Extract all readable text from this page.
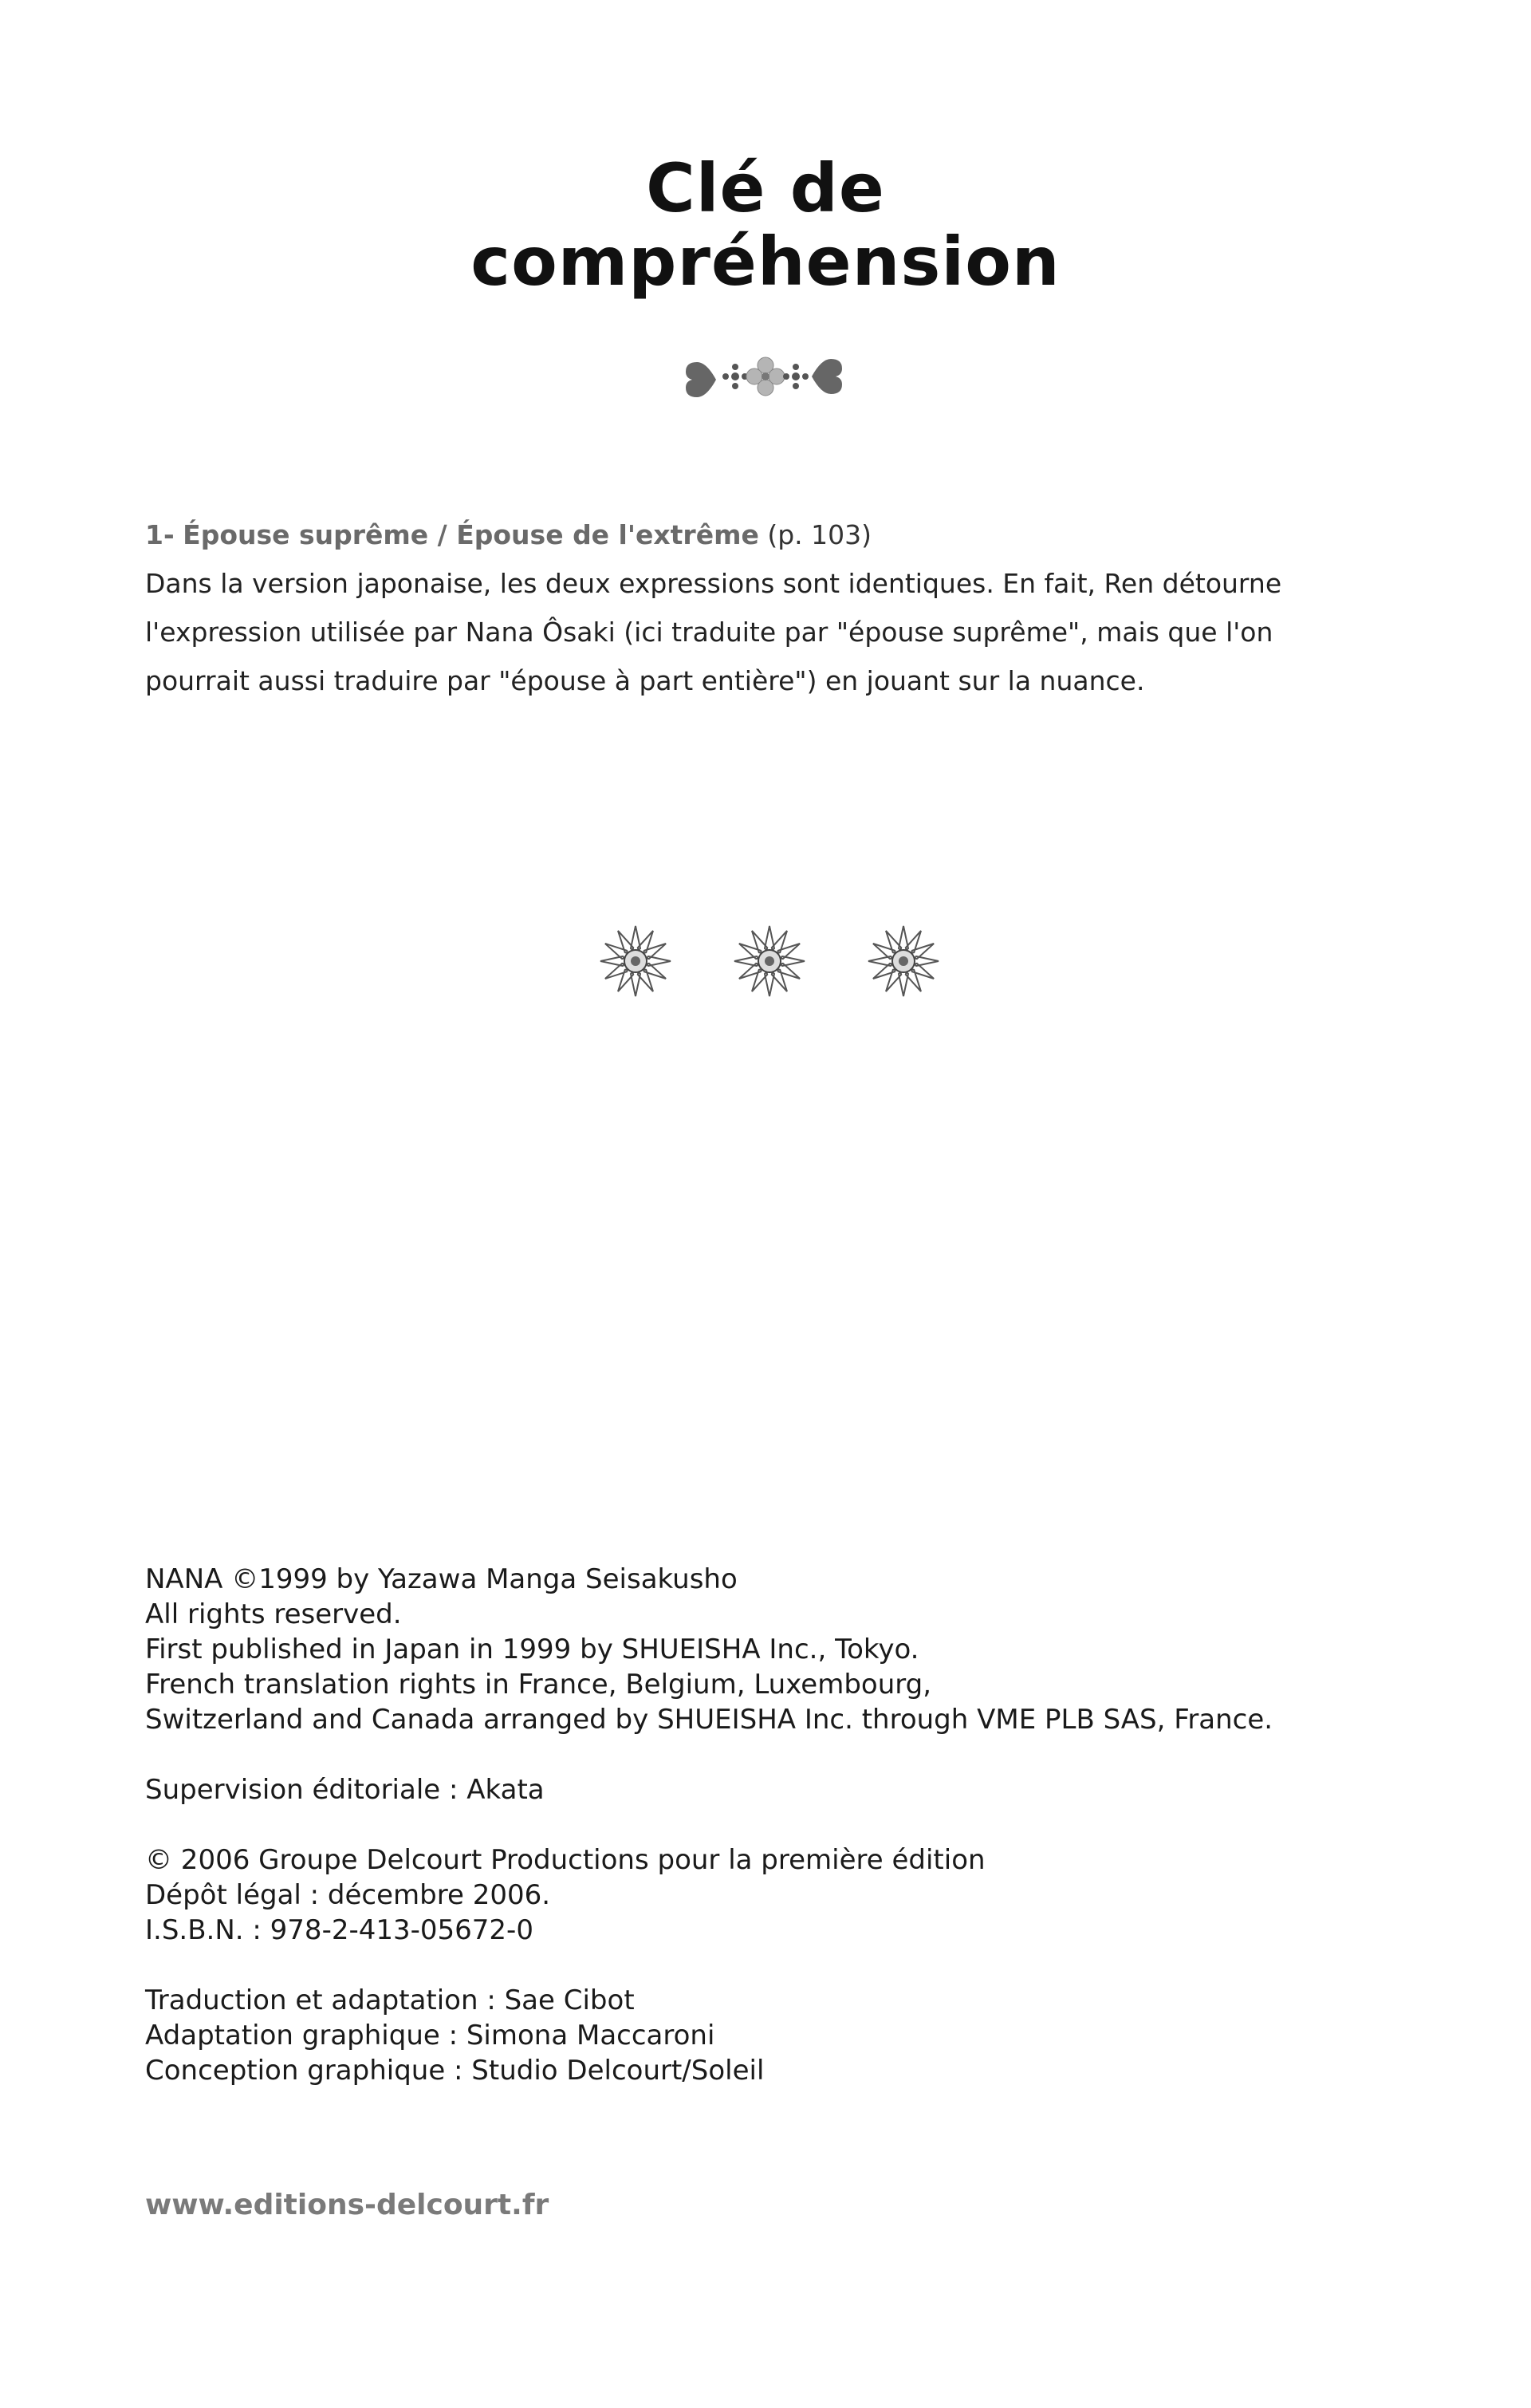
Clé de
compréhension
1- Épouse suprême / Épouse de l'extrême (p. 103)
Dans la version japonaise, les deux expressions sont identiques. En fait, Ren détourne
l'expression utilisée par Nana Ôsaki (ici traduite par "épouse suprême", mais que l'on
pourrait aussi traduire par "épouse à part entière") en jouant sur la nuance.
NANA ©1999 by Yazawa Manga Seisakusho
All rights reserved.
First published in Japan in 1999 by SHUEISHA Inc., Tokyo.
French translation rights in France, Belgium, Luxembourg,
Switzerland and Canada arranged by SHUEISHA Inc. through VME PLB SAS, France.
Supervision éditoriale : Akata
© 2006 Groupe Delcourt Productions pour la première édition
Dépôt légal : décembre 2006.
I.S.B.N. : 978-2-413-05672-0
Traduction et adaptation : Sae Cibot
Adaptation graphique : Simona Maccaroni
Conception graphique : Studio Delcourt/Soleil
www.editions-delcourt.fr
